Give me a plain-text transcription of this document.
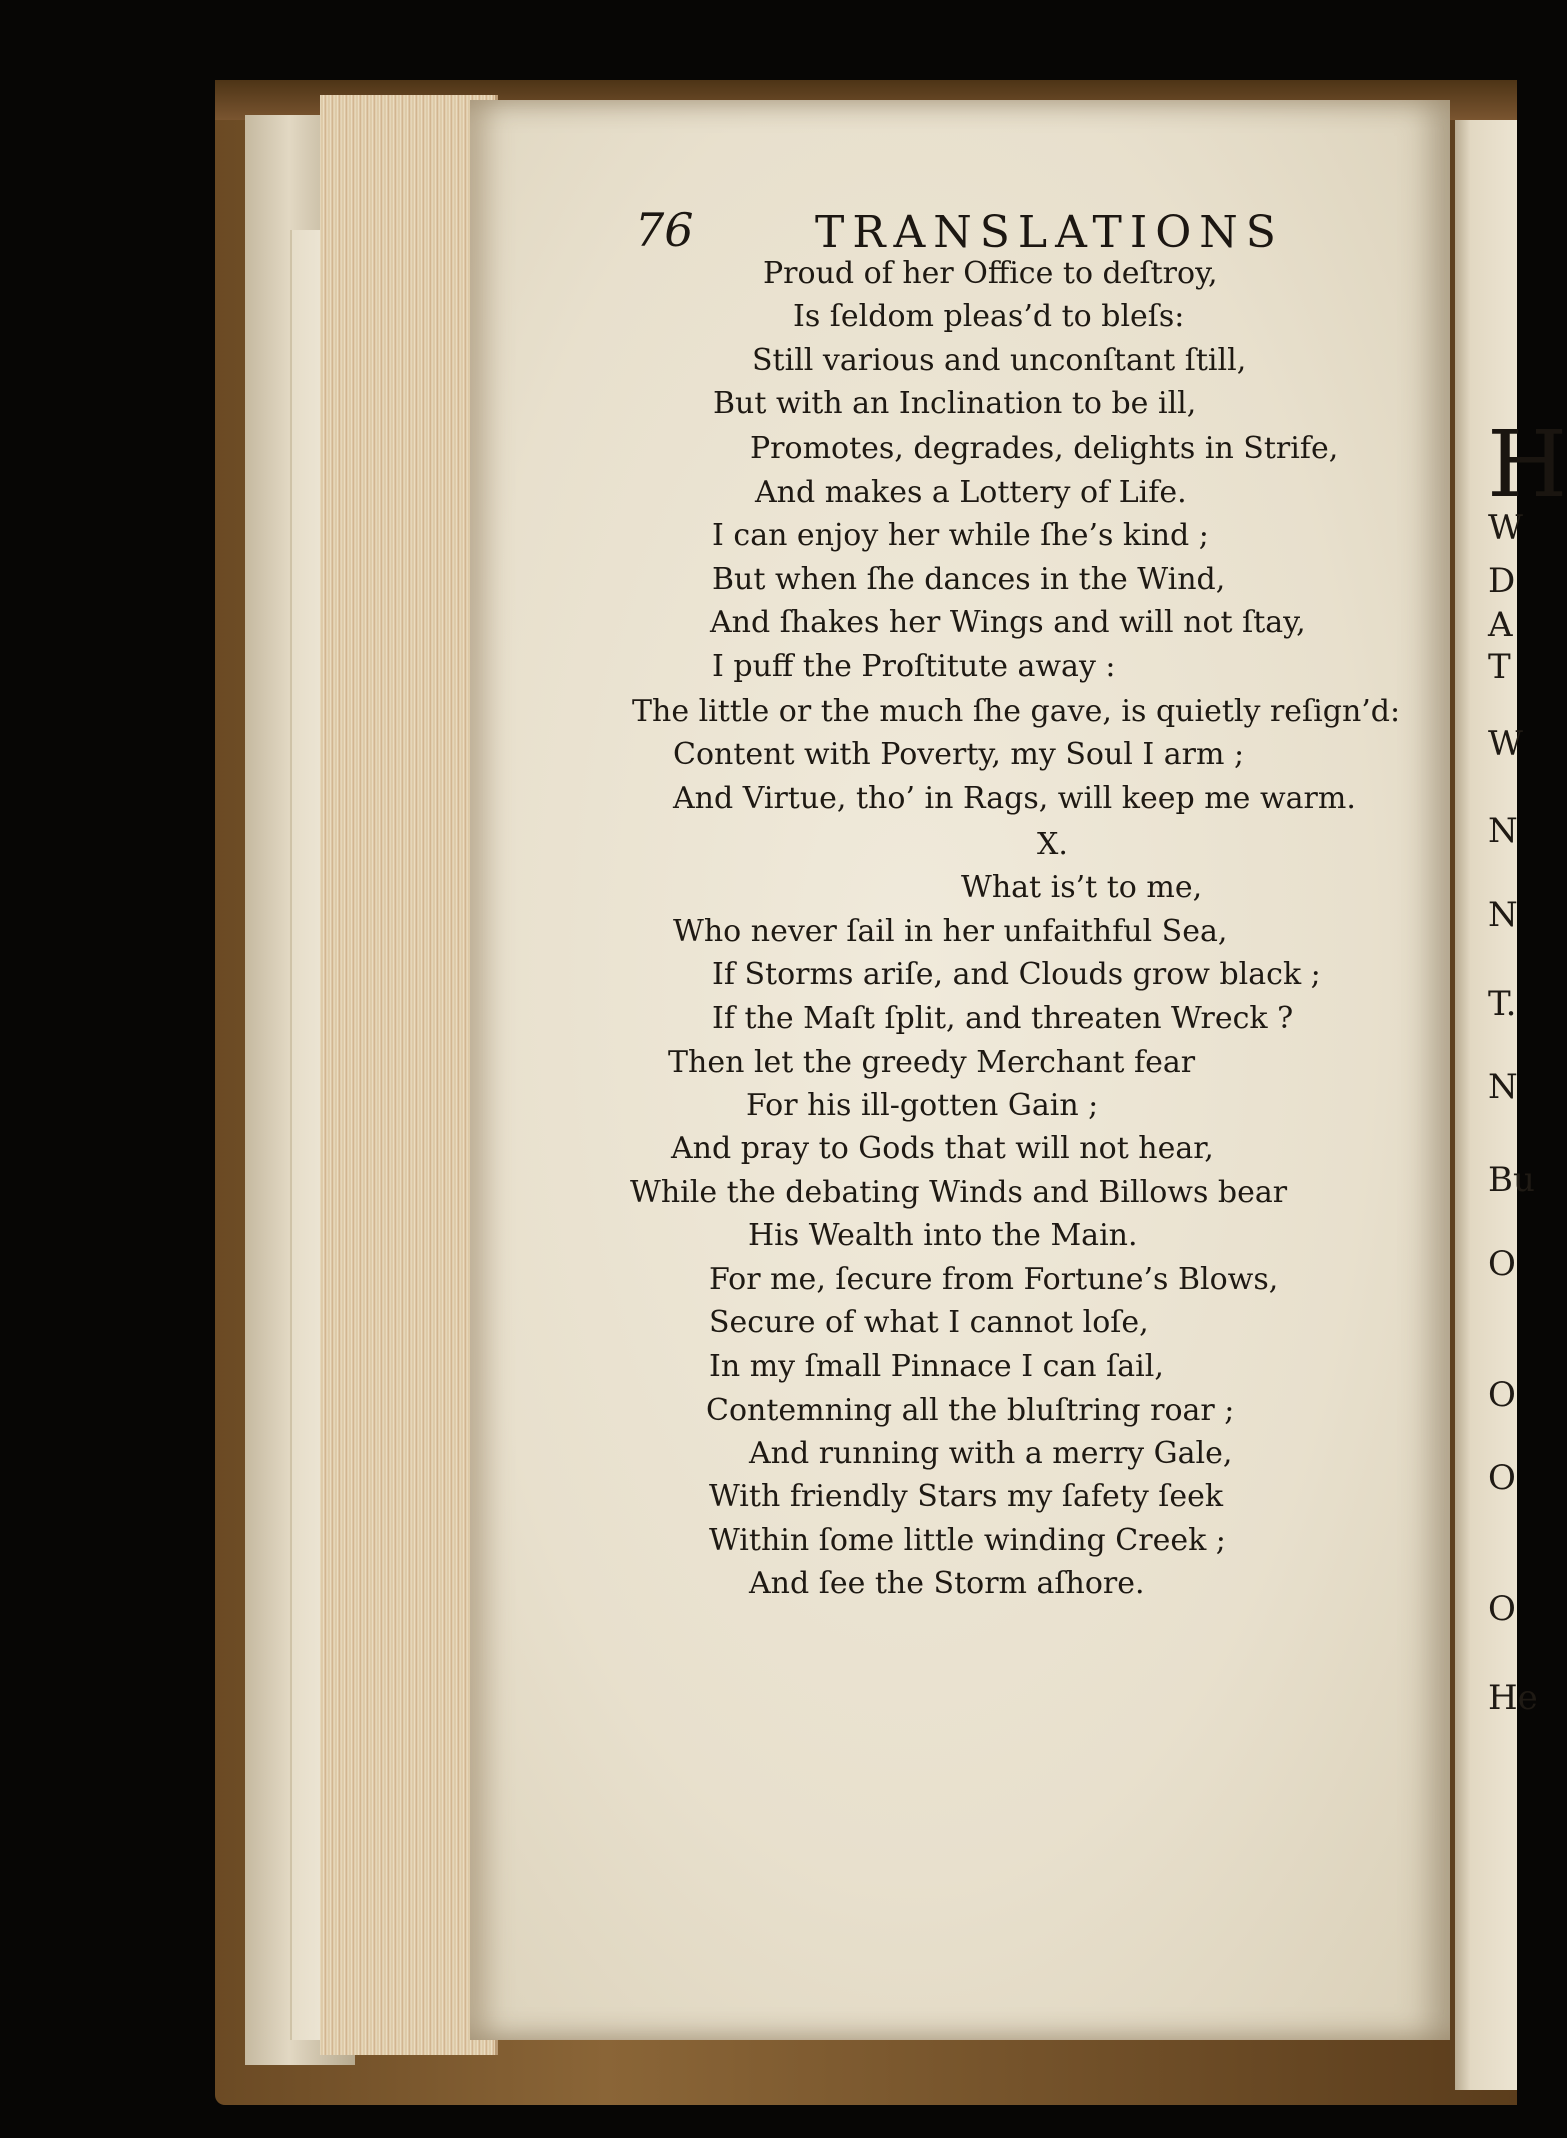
H
W
D
A
T
W
N
N
T.
N
Bu
O
O
O
O
He
76	TRANSLATIONS
Proud of her Office to deſtroy,
Is ſeldom pleas’d to bleſs:
Still various and unconſtant ſtill,
But with an Inclination to be ill,
Promotes, degrades, delights in Strife,
And makes a Lottery of Life.
I can enjoy her while ſhe’s kind ;
But when ſhe dances in the Wind,
And ſhakes her Wings and will not ſtay,
I puff the Proſtitute away :
The little or the much ſhe gave, is quietly reſign’d:
Content with Poverty, my Soul I arm ;
And Virtue, tho’ in Rags, will keep me warm.
X.
What is’t to me,
Who never ſail in her unfaithful Sea,
If Storms ariſe, and Clouds grow black ;
If the Maſt ſplit, and threaten Wreck ?
Then let the greedy Merchant fear
For his ill-gotten Gain ;
And pray to Gods that will not hear,
While the debating Winds and Billows bear
His Wealth into the Main.
For me, ſecure from Fortune’s Blows,
Secure of what I cannot loſe,
In my ſmall Pinnace I can ſail,
Contemning all the bluſtring roar ;
And running with a merry Gale,
With friendly Stars my ſafety ſeek
Within ſome little winding Creek ;
And ſee the Storm aſhore.
